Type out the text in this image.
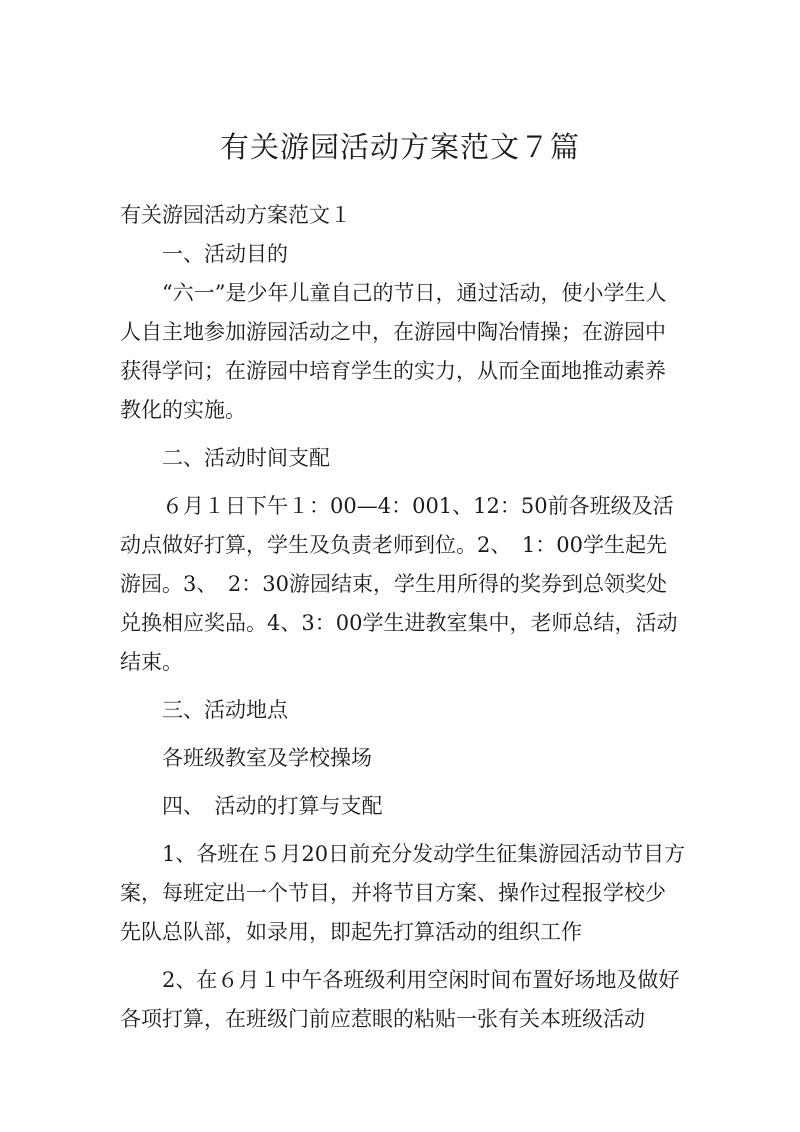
有关游园活动方案范文７篇

有关游园活动方案范文１

一、活动目的

“六一”是少年儿童自己的节日，通过活动，使小学生人人自主地参加游园活动之中，在游园中陶冶情操；在游园中获得学问；在游园中培育学生的实力，从而全面地推动素养教化的实施。

二、活动时间支配

６月１日下午１：00—4：001、12：50前各班级及活动点做好打算，学生及负责老师到位。2、　1：00学生起先游园。3、　2：30游园结束，学生用所得的奖券到总领奖处兑换相应奖品。4、3：00学生进教室集中，老师总结，活动结束。

三、活动地点

各班级教室及学校操场

四、　活动的打算与支配

1、各班在５月20日前充分发动学生征集游园活动节目方案，每班定出一个节目，并将节目方案、操作过程报学校少先队总队部，如录用，即起先打算活动的组织工作

2、在６月１中午各班级利用空闲时间布置好场地及做好各项打算，在班级门前应惹眼的粘贴一张有关本班级活动
